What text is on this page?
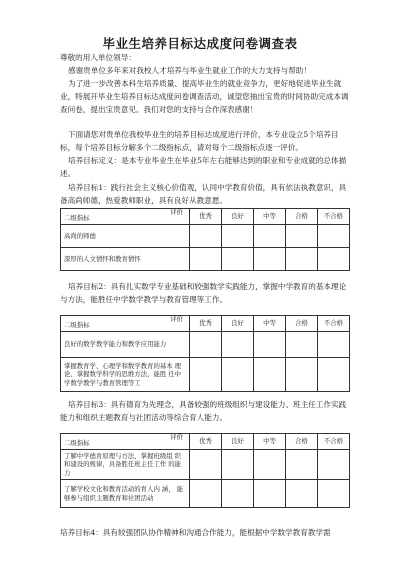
毕业生培养目标达成度问卷调查表

尊敬的用人单位领导：

感谢贵单位多年来对我校人才培养与毕业生就业工作的大力支持与帮助！

为了进一步改善本科生培养质量、提高毕业生的就业竞争力，更好地促进毕业生就业，特展开毕业生培养目标达成度问卷调查活动，诚望您抽出宝贵的时间协助完成本调查问卷，提出宝贵意见。我们对您的支持与合作深表感谢！

下面请您对贵单位我校毕业生的培养目标达成度进行评价，本专业设立5个培养目标，每个培养目标分解多个二级指标点，请对每个二级指标点逐一评价。

培养目标定义：是本专业毕业生在毕业5年左右能够达到的职业和专业成就的总体描述。

培养目标1：践行社会主义核心价值观，认同中学教育价值，具有依法执教意识，具备高尚师德，热爱教师职业，具有良好从教意愿。

评价
二级指标	优秀	良好	中等	合格	不合格
高尚的师德					
深厚的人文情怀和教育情怀					

培养目标2：具有扎实数学专业基础和较强数学实践能力，掌握中学教育的基本理论与方法，能胜任中学数学教学与教育管理等工作。

评价
二级指标	优秀	良好	中等	合格	不合格
良好的数学教学能力和教学应用能力					
掌握教育学、心理学和数学教育的基本 理论、掌握数学科学的思维方法，能胜 任中学数学教学与教育管理等工					

培养目标3：具有德育为先理念，具备较强的班级组织与建设能力、班主任工作实践能力和组织主题教育与社团活动等综合育人能力。

评价
二级指标	优秀	良好	中等	合格	不合格
了解中学德育原理与方法，掌握班级组 织和建设的规律，具备胜任班主任工作 的能力					
了解学校文化和教育活动的育人内 涵， 能够参与组织主题教育和社团活动					

培养目标4：具有较强团队协作精神和沟通合作能力，能根据中学数学教育教学需
